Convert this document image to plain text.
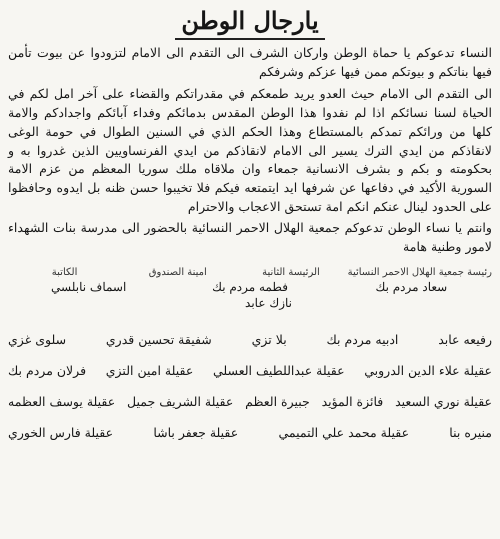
يارجال الوطن

النساء تدعوكم يا حماة الوطن واركان الشرف الى التقدم الى الامام لتزودوا عن بيوت تأمن فيها بناتكم و بيوتكم ممن فيها عزكم وشرفكم

الى التقدم الى الامام حيث العدو يريد طمعكم في مقدراتكم والقضاء على آخر امل لكم في الحياة لسنا نسائكم اذا لم نفدوا هذا الوطن المقدس بدمائكم وفداء آبائكم واجدادكم والامة كلها من ورائكم تمدكم بالمستطاع وهذا الحكم الذي في السنين الطوال في حومة الوغى لانقاذكم من ايدي الترك يسير الى الامام لانقاذكم من ايدي الفرنساويين الذين غدروا به و بحكومته و بكم و بشرف الانسانية جمعاء وان ملاقاه ملك سوريا المعظم من عزم الامة السورية الأكيد في دفاعها عن شرفها ايد ايتمتعه فيكم فلا تخيبوا حسن ظنه بل ايدوه وحافظوا على الحدود لينال عنكم انكم امة تستحق الاعجاب والاحترام

وانتم يا نساء الوطن تدعوكم جمعية الهلال الاحمر النسائية بالحضور الى مدرسة بنات الشهداء لامور وطنية هامة

رئيسة جمعية الهلال الاحمر النسائية
الرئيسة الثانية
امينة الصندوق
الكاتبة
سعاد مردم بك
فطمه مردم بك
اسماف نابلسي
نازك عابد
رفيعه عابد
ادبيه مردم بك
بلا تزي
شفيقة تحسين قدري
سلوى غزي
عقيلة علاء الدين الدروبي
عقيلة عبداللطيف العسلي
عقيلة امين التزي
فرلان مردم بك
عقيلة نوري السعيد
فائزة المؤيد
جبيرة العظم
عقيلة الشريف جميل
عقيلة يوسف العظمه
منيره بنا
عقيلة محمد علي التميمي
عقيلة جعفر باشا
عقيلة فارس الخوري
